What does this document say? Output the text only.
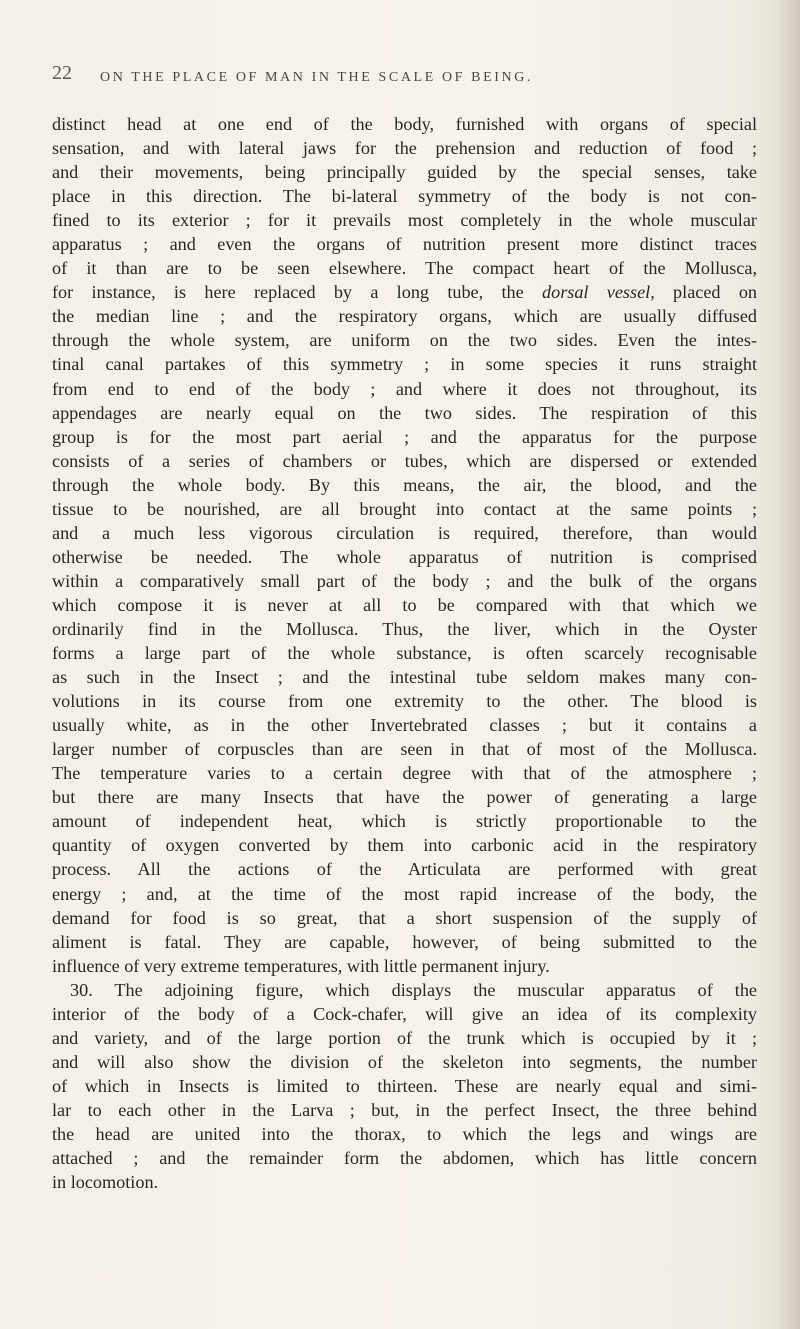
22 ON THE PLACE OF MAN IN THE SCALE OF BEING.
distinct head at one end of the body, furnished with organs of special
sensation, and with lateral jaws for the prehension and reduction of food ;
and their movements, being principally guided by the special senses, take
place in this direction. The bi-lateral symmetry of the body is not con-
fined to its exterior ; for it prevails most completely in the whole muscular
apparatus ; and even the organs of nutrition present more distinct traces
of it than are to be seen elsewhere. The compact heart of the Mollusca,
for instance, is here replaced by a long tube, the dorsal vessel, placed on
the median line ; and the respiratory organs, which are usually diffused
through the whole system, are uniform on the two sides. Even the intes-
tinal canal partakes of this symmetry ; in some species it runs straight
from end to end of the body ; and where it does not throughout, its
appendages are nearly equal on the two sides. The respiration of this
group is for the most part aerial ; and the apparatus for the purpose
consists of a series of chambers or tubes, which are dispersed or extended
through the whole body. By this means, the air, the blood, and the
tissue to be nourished, are all brought into contact at the same points ;
and a much less vigorous circulation is required, therefore, than would
otherwise be needed. The whole apparatus of nutrition is comprised
within a comparatively small part of the body ; and the bulk of the organs
which compose it is never at all to be compared with that which we
ordinarily find in the Mollusca. Thus, the liver, which in the Oyster
forms a large part of the whole substance, is often scarcely recognisable
as such in the Insect ; and the intestinal tube seldom makes many con-
volutions in its course from one extremity to the other. The blood is
usually white, as in the other Invertebrated classes ; but it contains a
larger number of corpuscles than are seen in that of most of the Mollusca.
The temperature varies to a certain degree with that of the atmosphere ;
but there are many Insects that have the power of generating a large
amount of independent heat, which is strictly proportionable to the
quantity of oxygen converted by them into carbonic acid in the respiratory
process. All the actions of the Articulata are performed with great
energy ; and, at the time of the most rapid increase of the body, the
demand for food is so great, that a short suspension of the supply of
aliment is fatal. They are capable, however, of being submitted to the
influence of very extreme temperatures, with little permanent injury.
30. The adjoining figure, which displays the muscular apparatus of the
interior of the body of a Cock-chafer, will give an idea of its complexity
and variety, and of the large portion of the trunk which is occupied by it ;
and will also show the division of the skeleton into segments, the number
of which in Insects is limited to thirteen. These are nearly equal and simi-
lar to each other in the Larva ; but, in the perfect Insect, the three behind
the head are united into the thorax, to which the legs and wings are
attached ; and the remainder form the abdomen, which has little concern
in locomotion.
